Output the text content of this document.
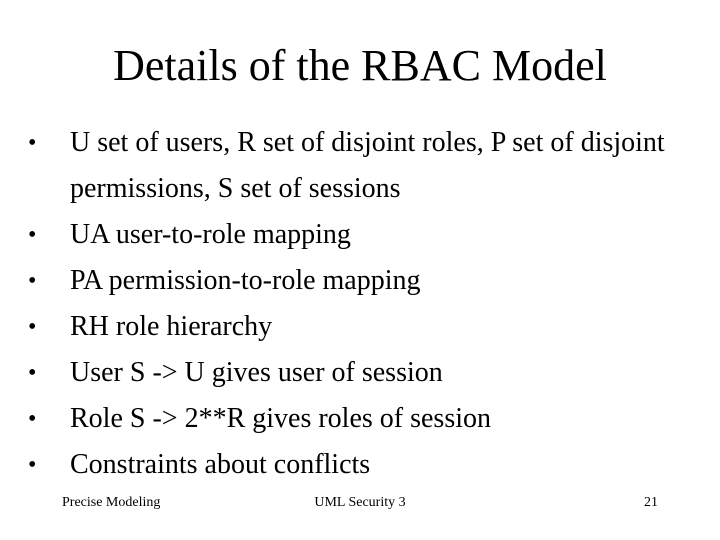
Details of the RBAC Model
•	U set of users, R set of disjoint roles, P set of disjoint permissions, S set of sessions
•	UA user-to-role mapping
•	PA permission-to-role mapping
•	RH role hierarchy
•	User S -> U gives user of session
•	Role S -> 2**R gives roles of session
•	Constraints about conflicts
Precise Modeling	UML Security 3	21
